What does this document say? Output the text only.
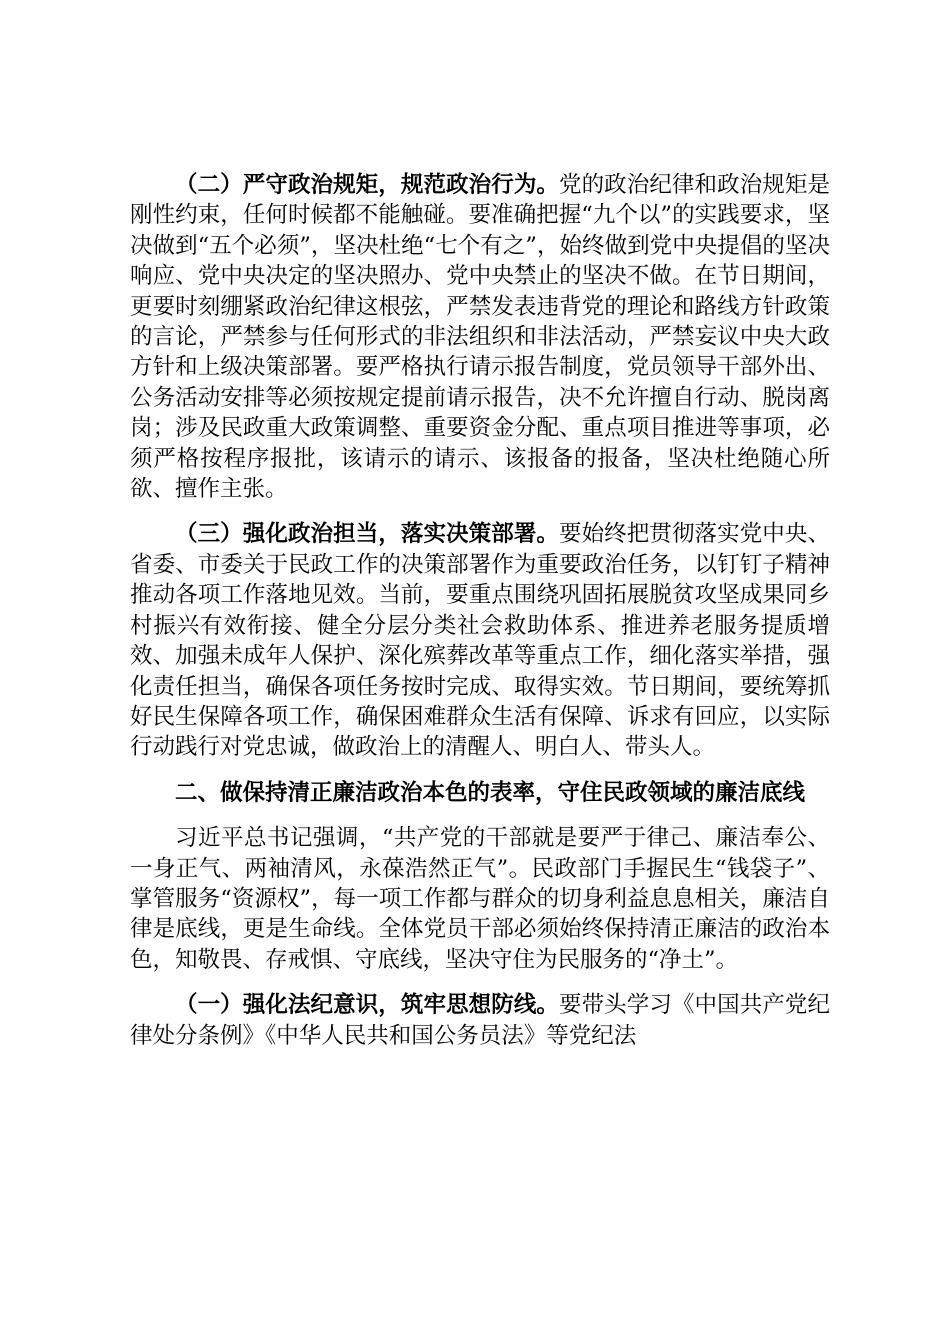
（二）严守政治规矩，规范政治行为。党的政治纪律和政治规矩是刚性约束，任何时候都不能触碰。要准确把握“九个以”的实践要求，坚决做到“五个必须”，坚决杜绝“七个有之”，始终做到党中央提倡的坚决响应、党中央决定的坚决照办、党中央禁止的坚决不做。在节日期间，更要时刻绷紧政治纪律这根弦，严禁发表违背党的理论和路线方针政策的言论，严禁参与任何形式的非法组织和非法活动，严禁妄议中央大政方针和上级决策部署。要严格执行请示报告制度，党员领导干部外出、公务活动安排等必须按规定提前请示报告，决不允许擅自行动、脱岗离岗；涉及民政重大政策调整、重要资金分配、重点项目推进等事项，必须严格按程序报批，该请示的请示、该报备的报备，坚决杜绝随心所欲、擅作主张。

（三）强化政治担当，落实决策部署。要始终把贯彻落实党中央、省委、市委关于民政工作的决策部署作为重要政治任务，以钉钉子精神推动各项工作落地见效。当前，要重点围绕巩固拓展脱贫攻坚成果同乡村振兴有效衔接、健全分层分类社会救助体系、推进养老服务提质增效、加强未成年人保护、深化殡葬改革等重点工作，细化落实举措，强化责任担当，确保各项任务按时完成、取得实效。节日期间，要统筹抓好民生保障各项工作，确保困难群众生活有保障、诉求有回应，以实际行动践行对党忠诚，做政治上的清醒人、明白人、带头人。

二、做保持清正廉洁政治本色的表率，守住民政领域的廉洁底线

习近平总书记强调，“共产党的干部就是要严于律己、廉洁奉公、一身正气、两袖清风，永葆浩然正气”。民政部门手握民生“钱袋子”、掌管服务“资源权”，每一项工作都与群众的切身利益息息相关，廉洁自律是底线，更是生命线。全体党员干部必须始终保持清正廉洁的政治本色，知敬畏、存戒惧、守底线，坚决守住为民服务的“净土”。

（一）强化法纪意识，筑牢思想防线。要带头学习《中国共产党纪律处分条例》《中华人民共和国公务员法》等党纪法
